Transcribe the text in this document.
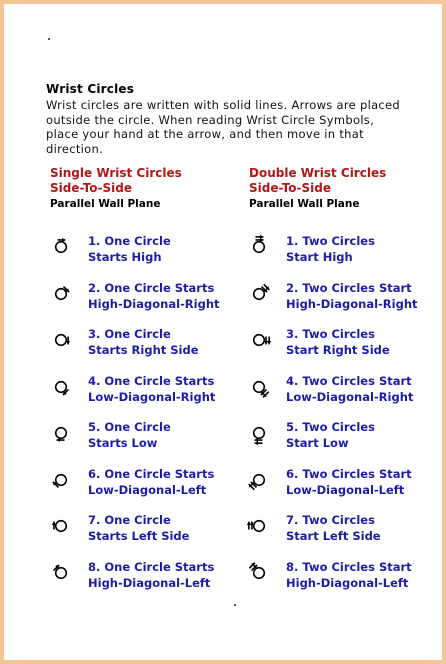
Wrist Circles
Wrist circles are written with solid lines. Arrows are placed outside the circle. When reading Wrist Circle Symbols, place your hand at the arrow, and then move in that direction.
Single Wrist Circles
Side-To-Side
Parallel Wall Plane
Double Wrist Circles
Side-To-Side
Parallel Wall Plane
1. One Circle
Starts High
2. One Circle Starts
High-Diagonal-Right
3. One Circle
Starts Right Side
4. One Circle Starts
Low-Diagonal-Right
5. One Circle
Starts Low
6. One Circle Starts
Low-Diagonal-Left
7. One Circle
Starts Left Side
8. One Circle Starts
High-Diagonal-Left
1. Two Circles
Start High
2. Two Circles Start
High-Diagonal-Right
3. Two Circles
Start Right Side
4. Two Circles Start
Low-Diagonal-Right
5. Two Circles
Start Low
6. Two Circles Start
Low-Diagonal-Left
7. Two Circles
Start Left Side
8. Two Circles Start
High-Diagonal-Left
